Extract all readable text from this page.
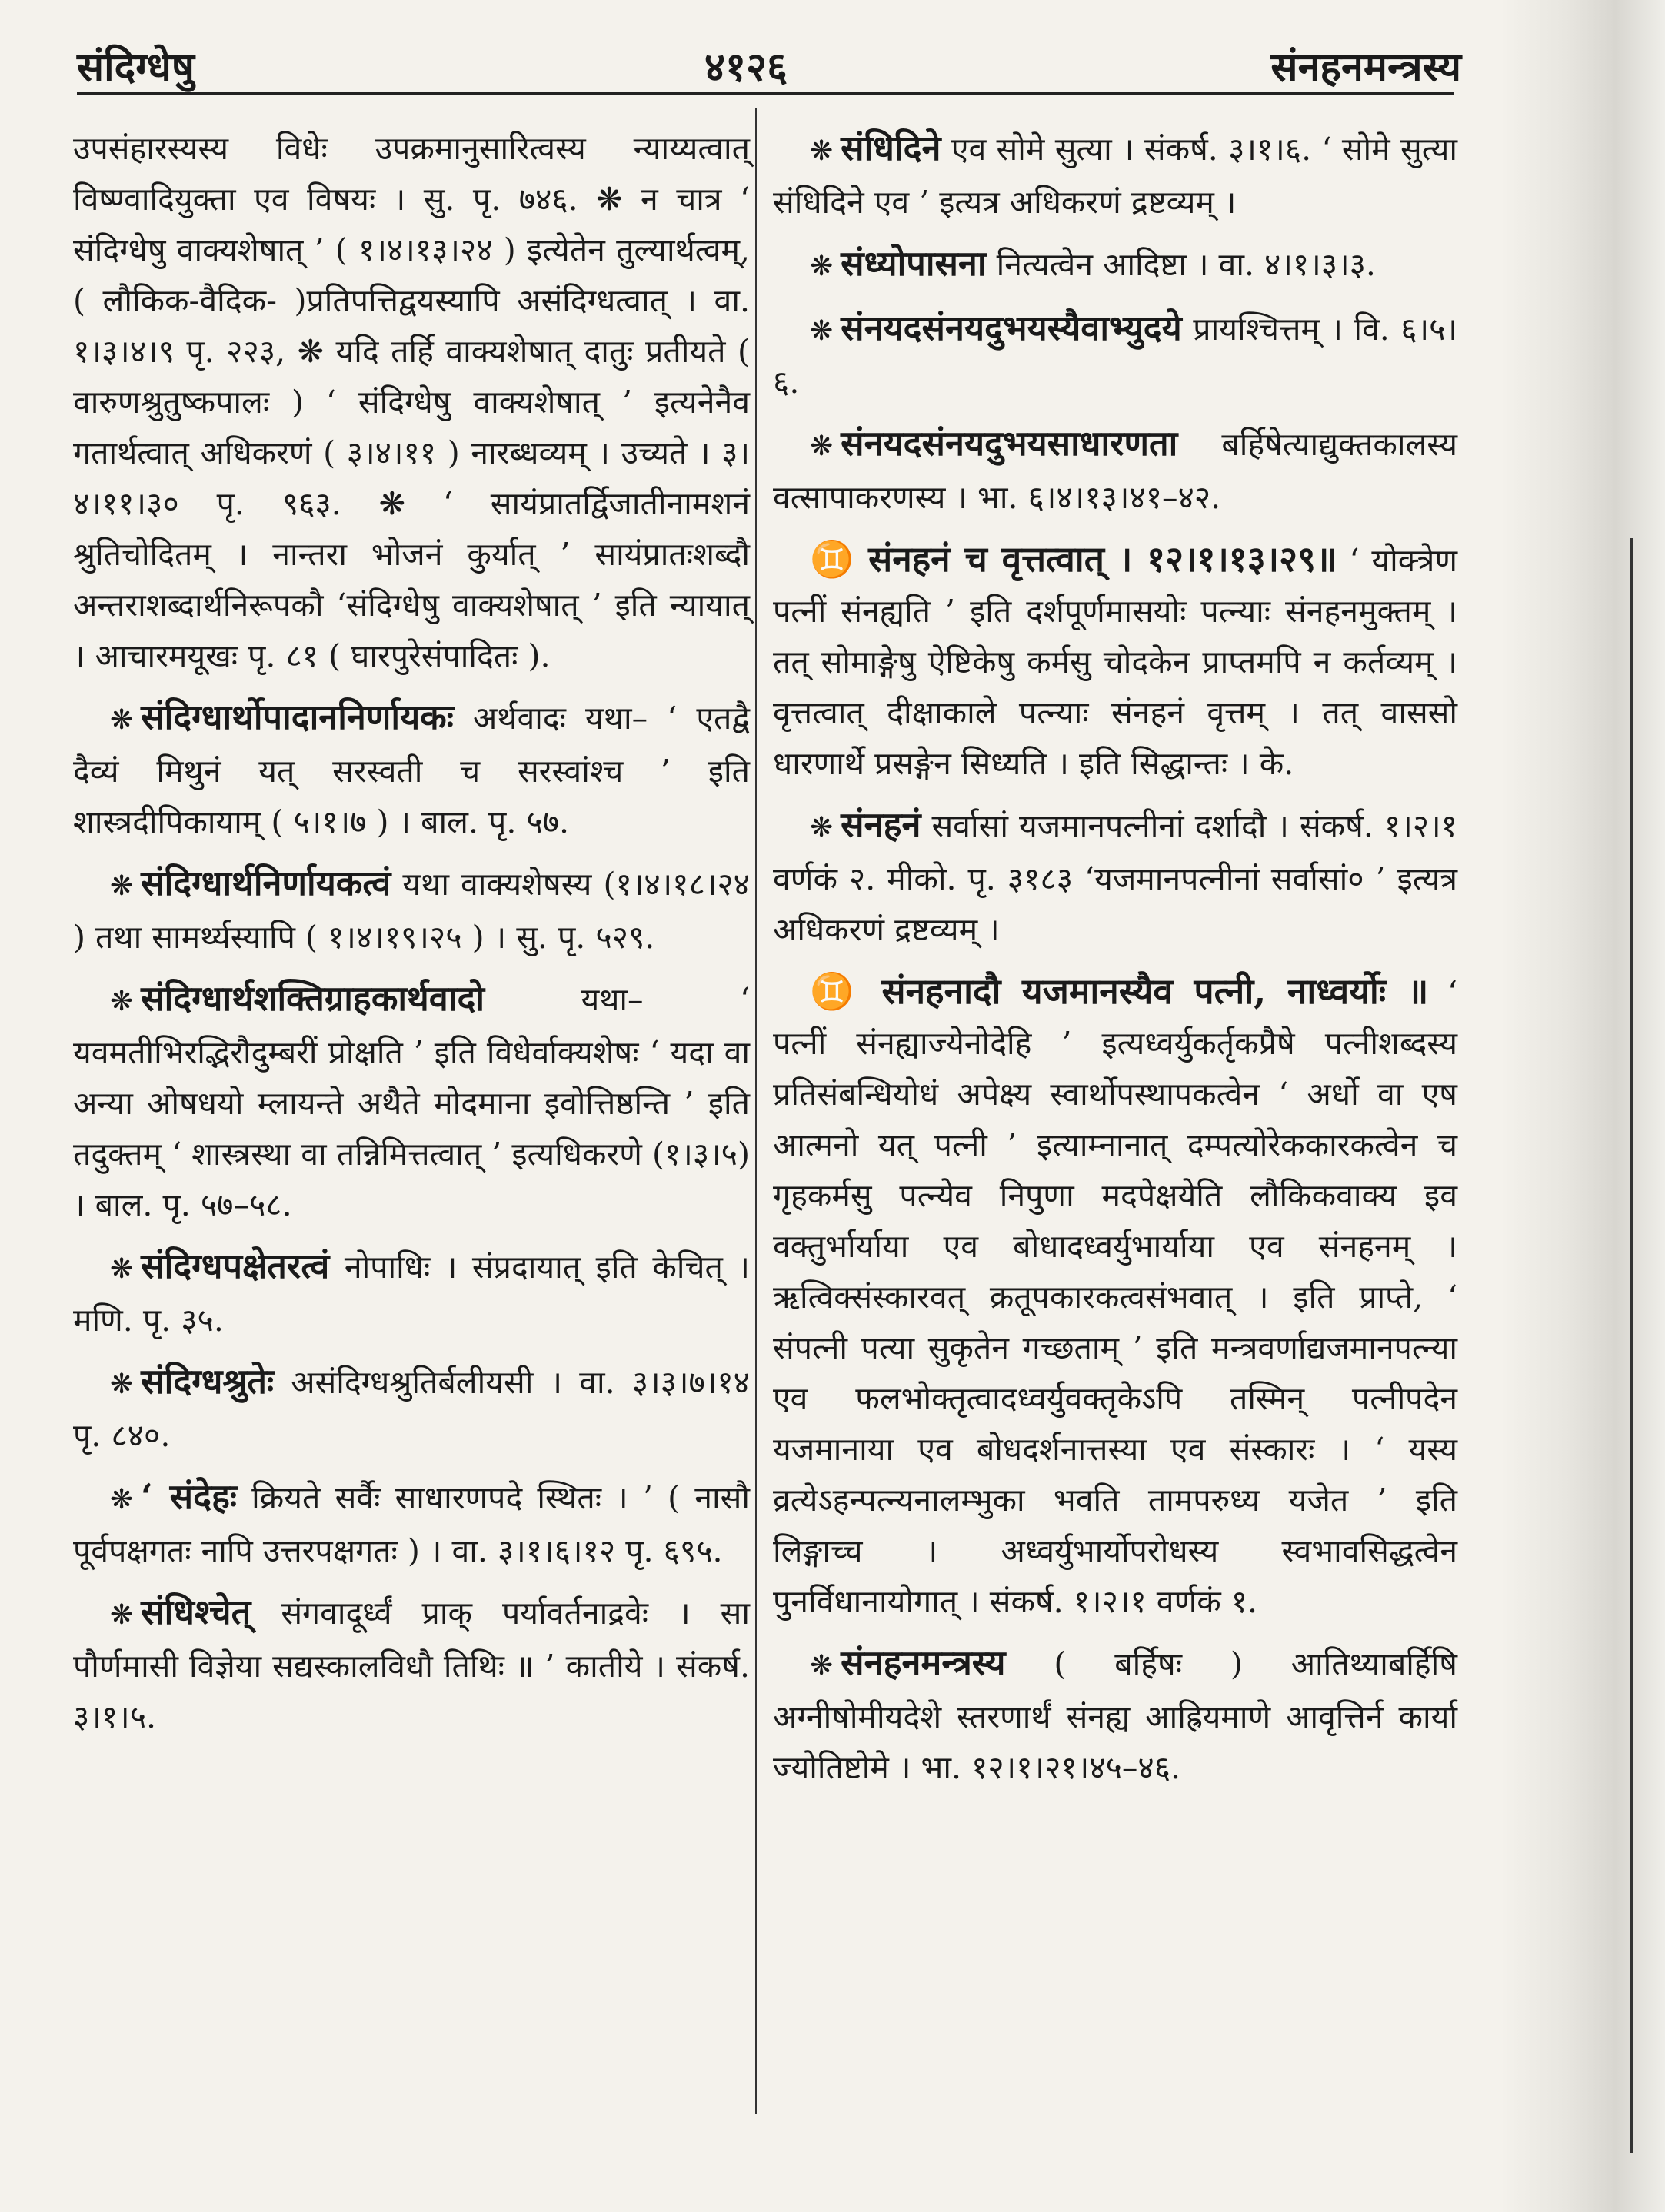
संदिग्धेषु	४१२६	संनहनमन्त्रस्य

उपसंहारस्यस्य विधेः उपक्रमानुसारित्वस्य न्याय्यत्वात् विष्ण्वादियुक्ता एव विषयः । सु. पृ. ७४६. ❋ न चात्र ‘ संदिग्धेषु वाक्यशेषात् ’ ( १।४।१३।२४ ) इत्येतेन तुल्यार्थत्वम्, ( लौकिक-वैदिक- )प्रतिपत्तिद्वयस्यापि असंदिग्धत्वात् । वा. १।३।४।९ पृ. २२३, ❋ यदि तर्हि वाक्यशेषात् दातुः प्रतीयते ( वारुणश्रुतुष्कपालः ) ‘ संदिग्धेषु वाक्यशेषात् ’ इत्यनेनैव गतार्थत्वात् अधिकरणं ( ३।४।११ ) नारब्धव्यम् । उच्यते । ३।४।११।३० पृ. ९६३. ❋ ‘ सायंप्रातर्द्विजातीनामशनं श्रुतिचोदितम् । नान्तरा भोजनं कुर्यात् ’ सायंप्रातःशब्दौ अन्तराशब्दार्थनिरूपकौ ‘संदिग्धेषु वाक्यशेषात् ’ इति न्यायात् । आचारमयूखः पृ. ८१ ( घारपुरेसंपादितः ).

❋ संदिग्धार्थोपादाननिर्णायकः अर्थवादः यथा– ‘ एतद्वै दैव्यं मिथुनं यत् सरस्वती च सरस्वांश्च ’ इति शास्त्रदीपिकायाम् ( ५।१।७ ) । बाल. पृ. ५७.

❋ संदिग्धार्थनिर्णायकत्वं यथा वाक्यशेषस्य (१।४।१८।२४ ) तथा सामर्थ्यस्यापि ( १।४।१९।२५ ) । सु. पृ. ५२९.

❋ संदिग्धार्थशक्तिग्राहकार्थवादो	यथा– ‘ यवमतीभिरद्भिरौदुम्बरीं प्रोक्षति ’ इति विधेर्वाक्यशेषः ‘ यदा वा अन्या ओषधयो म्लायन्ते अथैते मोदमाना इवोत्तिष्ठन्ति ’ इति तदुक्तम् ‘ शास्त्रस्था वा तन्निमित्तत्वात् ’ इत्यधिकरणे (१।३।५) । बाल. पृ. ५७–५८.

❋ संदिग्धपक्षेतरत्वं नोपाधिः । संप्रदायात् इति केचित् । मणि. पृ. ३५.

❋ संदिग्धश्रुतेः असंदिग्धश्रुतिर्बलीयसी । वा. ३।३।७।१४ पृ. ८४०.

❋ ‘ संदेहः क्रियते सर्वैः साधारणपदे स्थितः । ’ ( नासौ पूर्वपक्षगतः नापि उत्तरपक्षगतः ) । वा. ३।१।६।१२ पृ. ६९५.

❋ संधिश्चेत् संगवादूर्ध्वं प्राक् पर्यावर्तनाद्रवेः । सा पौर्णमासी विज्ञेया सद्यस्कालविधौ तिथिः ॥ ’ कातीये । संकर्ष. ३।१।५.

❋ संधिदिने एव सोमे सुत्या । संकर्ष. ३।१।६. ‘ सोमे सुत्या संधिदिने एव ’ इत्यत्र अधिकरणं द्रष्टव्यम् ।

❋ संध्योपासना नित्यत्वेन आदिष्टा । वा. ४।१।३।३.

❋ संनयदसंनयदुभयस्यैवाभ्युदये प्रायश्चित्तम् । वि. ६।५।६.

❋ संनयदसंनयदुभयसाधारणता बर्हिषेत्याद्युक्तकालस्य वत्सापाकरणस्य । भा. ६।४।१३।४१–४२.

♊ संनहनं च वृत्तत्वात् । १२।१।१३।२९॥ ‘ योक्त्रेण पत्नीं संनह्यति ’ इति दर्शपूर्णमासयोः पत्न्याः संनहनमुक्तम् । तत् सोमाङ्गेषु ऐष्टिकेषु कर्मसु चोदकेन प्राप्तमपि न कर्तव्यम् । वृत्तत्वात् दीक्षाकाले पत्न्याः संनहनं वृत्तम् । तत् वाससो धारणार्थे प्रसङ्गेन सिध्यति । इति सिद्धान्तः । के.

❋ संनहनं सर्वासां यजमानपत्नीनां दर्शादौ । संकर्ष. १।२।१ वर्णकं २. मीको. पृ. ३१८३ ‘यजमानपत्नीनां सर्वासां० ’ इत्यत्र अधिकरणं द्रष्टव्यम् ।

♊ संनहनादौ यजमानस्यैव पत्नी, नाध्वर्योः ॥ ‘ पत्नीं संनह्याज्येनोदेहि ’ इत्यध्वर्युकर्तृकप्रैषे पत्नीशब्दस्य प्रतिसंबन्धियोधं अपेक्ष्य स्वार्थोपस्थापकत्वेन ‘ अर्धो वा एष आत्मनो यत् पत्नी ’ इत्याम्नानात् दम्पत्योरेककारकत्वेन च गृहकर्मसु पत्न्येव निपुणा मदपेक्षयेति लौकिकवाक्य इव वक्तुर्भार्याया एव बोधादध्वर्युभार्याया एव संनहनम् । ऋत्विक्संस्कारवत् क्रतूपकारकत्वसंभवात् । इति प्राप्ते, ‘ संपत्नी पत्या सुकृतेन गच्छताम् ’ इति मन्त्रवर्णाद्यजमानपत्न्या एव फलभोक्तृत्वादध्वर्युवक्तृकेऽपि तस्मिन् पत्नीपदेन यजमानाया एव बोधदर्शनात्तस्या एव संस्कारः । ‘ यस्य व्रत्येऽहन्पत्न्यनालम्भुका भवति तामपरुध्य यजेत ’ इति लिङ्गाच्च । अध्वर्युभार्योपरोधस्य स्वभावसिद्धत्वेन पुनर्विधानायोगात् । संकर्ष. १।२।१ वर्णकं १.

❋ संनहनमन्त्रस्य ( बर्हिषः ) आतिथ्याबर्हिषि अग्नीषोमीयदेशे स्तरणार्थं संनह्य आह्रियमाणे आवृत्तिर्न कार्या ज्योतिष्टोमे । भा. १२।१।२१।४५–४६.
